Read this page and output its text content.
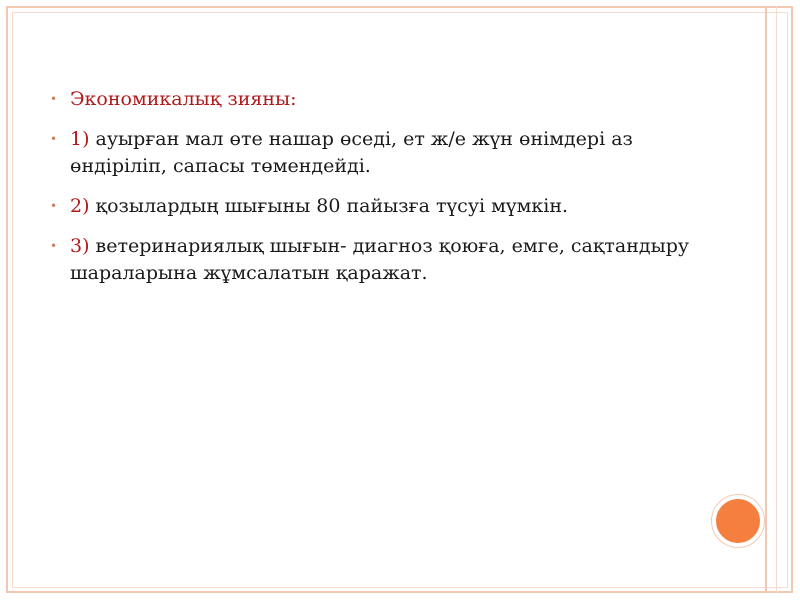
• Экономикалық зияны:
• 1) ауырған мал өте нашар өседі, ет ж/е жүн өнімдері аз өндіріліп, сапасы төмендейді.
• 2) қозылардың шығыны 80 пайызға түсуі мүмкін.
• 3) ветеринариялық шығын- диагноз қоюға, емге, сақтандыру шараларына жұмсалатын қаражат.
